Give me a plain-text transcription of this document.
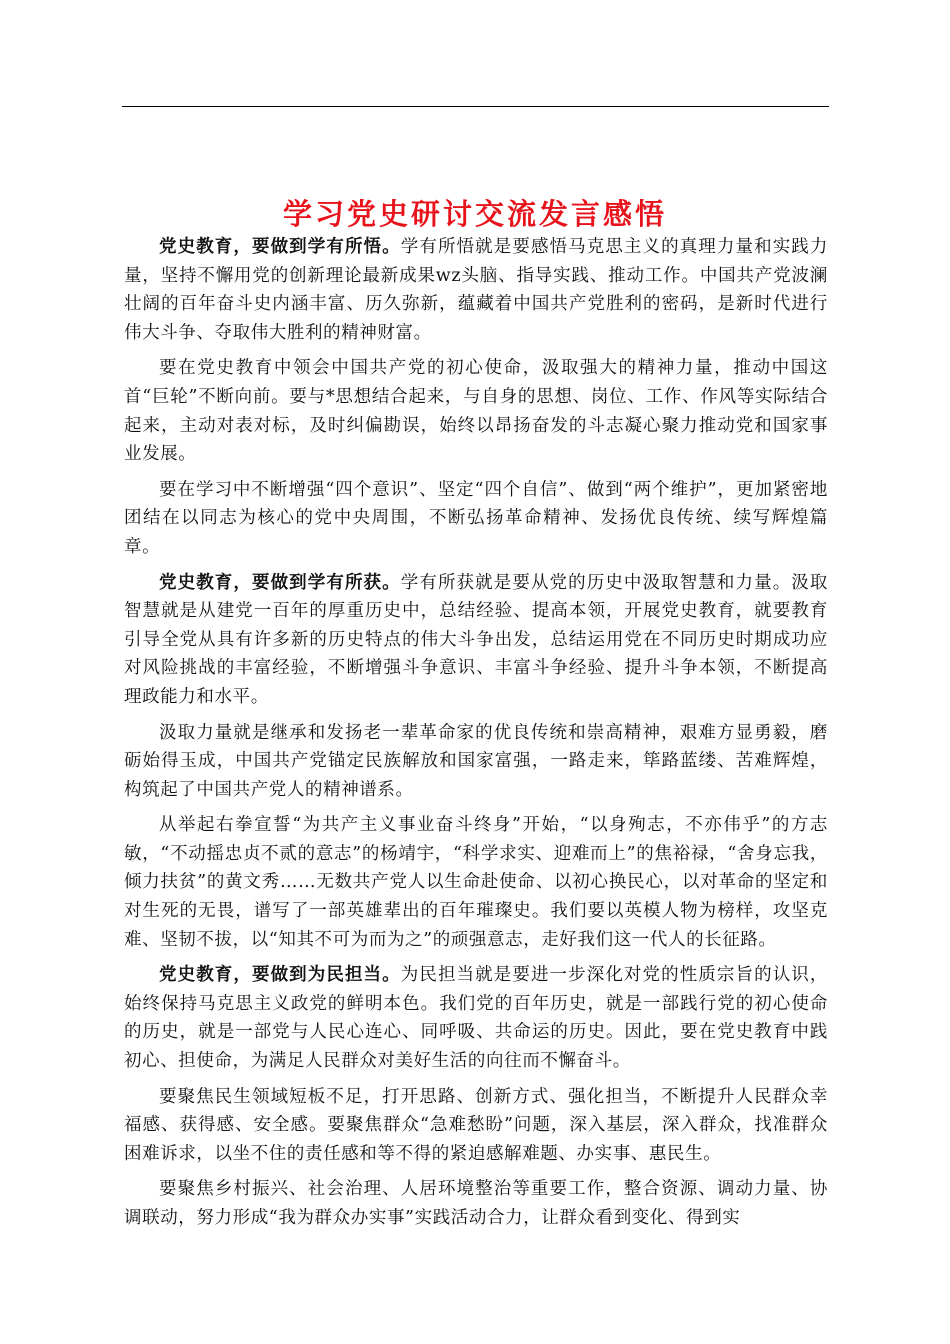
学习党史研讨交流发言感悟

党史教育，要做到学有所悟。学有所悟就是要感悟马克思主义的真理力量和实践力量，坚持不懈用党的创新理论最新成果wz头脑、指导实践、推动工作。中国共产党波澜壮阔的百年奋斗史内涵丰富、历久弥新，蕴藏着中国共产党胜利的密码，是新时代进行伟大斗争、夺取伟大胜利的精神财富。

要在党史教育中领会中国共产党的初心使命，汲取强大的精神力量，推动中国这首“巨轮”不断向前。要与*思想结合起来，与自身的思想、岗位、工作、作风等实际结合起来，主动对表对标，及时纠偏勘误，始终以昂扬奋发的斗志凝心聚力推动党和国家事业发展。

要在学习中不断增强“四个意识”、坚定“四个自信”、做到“两个维护”，更加紧密地团结在以同志为核心的党中央周围，不断弘扬革命精神、发扬优良传统、续写辉煌篇章。

党史教育，要做到学有所获。学有所获就是要从党的历史中汲取智慧和力量。汲取智慧就是从建党一百年的厚重历史中，总结经验、提高本领，开展党史教育，就要教育引导全党从具有许多新的历史特点的伟大斗争出发，总结运用党在不同历史时期成功应对风险挑战的丰富经验，不断增强斗争意识、丰富斗争经验、提升斗争本领，不断提高理政能力和水平。

汲取力量就是继承和发扬老一辈革命家的优良传统和崇高精神，艰难方显勇毅，磨砺始得玉成，中国共产党锚定民族解放和国家富强，一路走来，筚路蓝缕、苦难辉煌，构筑起了中国共产党人的精神谱系。

从举起右拳宣誓“为共产主义事业奋斗终身”开始，“以身殉志，不亦伟乎”的方志敏，“不动摇忠贞不贰的意志”的杨靖宇，“科学求实、迎难而上”的焦裕禄，“舍身忘我，倾力扶贫”的黄文秀……无数共产党人以生命赴使命、以初心换民心，以对革命的坚定和对生死的无畏，谱写了一部英雄辈出的百年璀璨史。我们要以英模人物为榜样，攻坚克难、坚韧不拔，以“知其不可为而为之”的顽强意志，走好我们这一代人的长征路。

党史教育，要做到为民担当。为民担当就是要进一步深化对党的性质宗旨的认识，始终保持马克思主义政党的鲜明本色。我们党的百年历史，就是一部践行党的初心使命的历史，就是一部党与人民心连心、同呼吸、共命运的历史。因此，要在党史教育中践初心、担使命，为满足人民群众对美好生活的向往而不懈奋斗。

要聚焦民生领域短板不足，打开思路、创新方式、强化担当，不断提升人民群众幸福感、获得感、安全感。要聚焦群众“急难愁盼”问题，深入基层，深入群众，找准群众困难诉求，以坐不住的责任感和等不得的紧迫感解难题、办实事、惠民生。

要聚焦乡村振兴、社会治理、人居环境整治等重要工作，整合资源、调动力量、协调联动，努力形成“我为群众办实事”实践活动合力，让群众看到变化、得到实
